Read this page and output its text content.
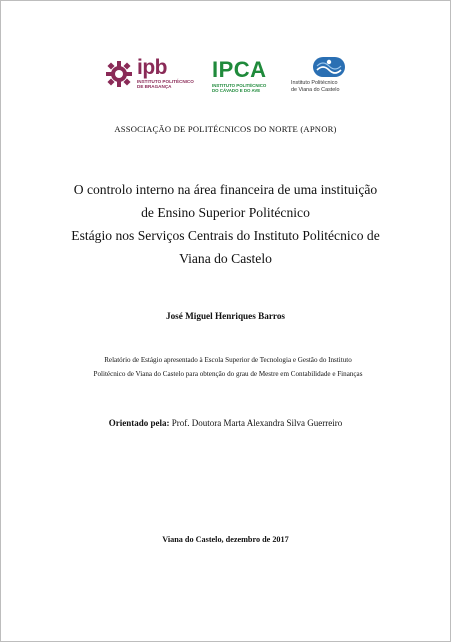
ipb
INSTITUTO POLITÉCNICO
DE BRAGANÇA
IPCA
INSTITUTO POLITÉCNICO
DO CÁVADO E DO AVE
Instituto Politécnico
de Viana do Castelo
ASSOCIAÇÃO DE POLITÉCNICOS DO NORTE (APNOR)
O controlo interno na área financeira de uma instituição
de Ensino Superior Politécnico
Estágio nos Serviços Centrais do Instituto Politécnico de
Viana do Castelo
José Miguel Henriques Barros
Relatório de Estágio apresentado à Escola Superior de Tecnologia e Gestão do Instituto
Politécnico de Viana do Castelo para obtenção do grau de Mestre em Contabilidade e Finanças
Orientado pela: Prof. Doutora Marta Alexandra Silva Guerreiro
Viana do Castelo, dezembro de 2017
